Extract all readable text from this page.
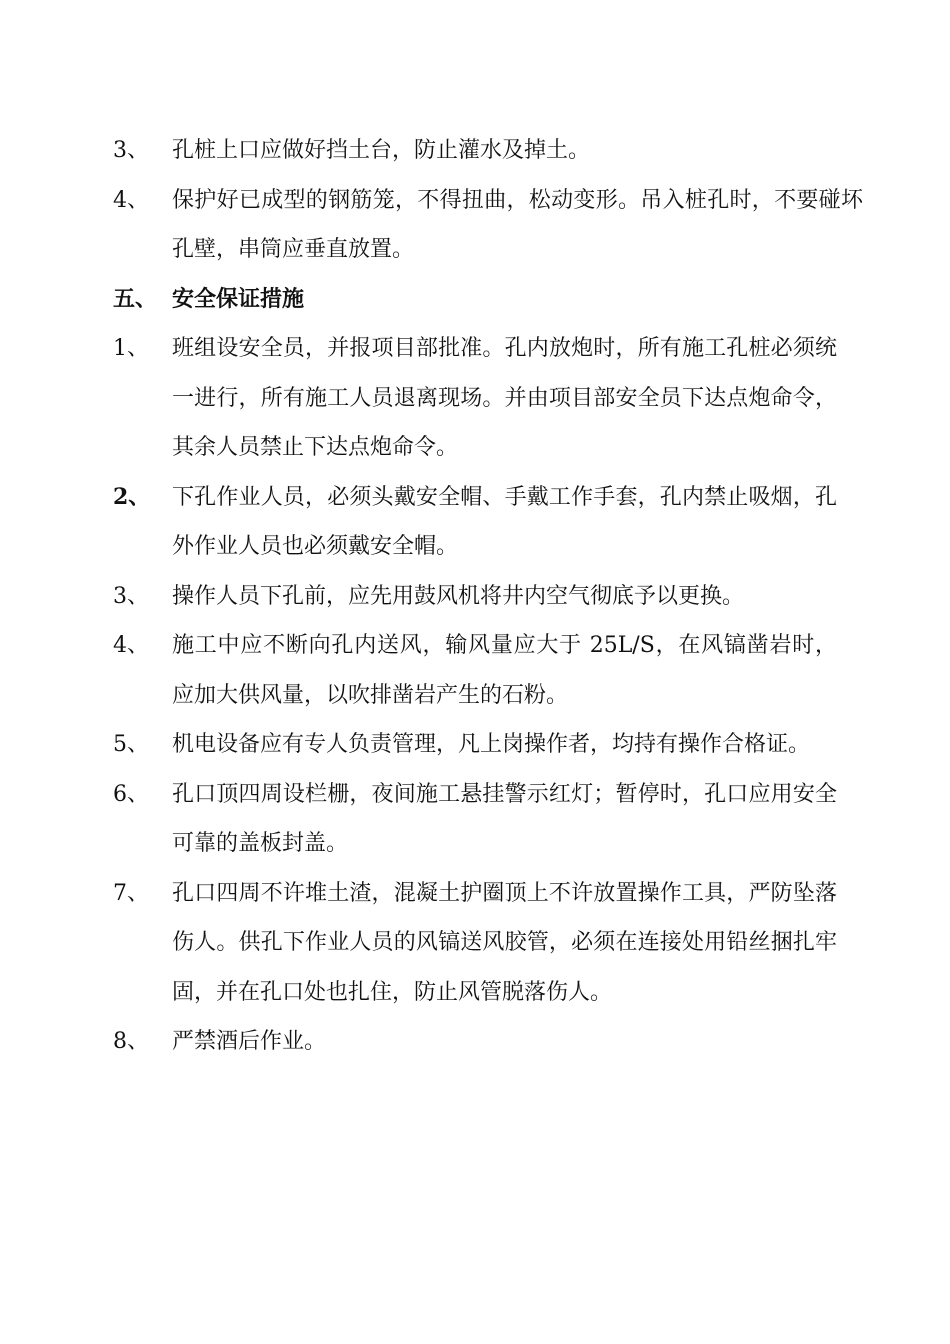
3、	孔桩上口应做好挡土台，防止灌水及掉土。
4、	保护好已成型的钢筋笼，不得扭曲，松动变形。吊入桩孔时，不要碰坏孔壁，串筒应垂直放置。
五、 安全保证措施
1、	班组设安全员，并报项目部批准。孔内放炮时，所有施工孔桩必须统一进行，所有施工人员退离现场。并由项目部安全员下达点炮命令，其余人员禁止下达点炮命令。
2、 下孔作业人员，必须头戴安全帽、手戴工作手套，孔内禁止吸烟，孔外作业人员也必须戴安全帽。
3、	操作人员下孔前，应先用鼓风机将井内空气彻底予以更换。
4、	施工中应不断向孔内送风，输风量应大于 25L/S，在风镐凿岩时，应加大供风量，以吹排凿岩产生的石粉。
5、	机电设备应有专人负责管理，凡上岗操作者，均持有操作合格证。
6、	孔口顶四周设栏栅，夜间施工悬挂警示红灯；暂停时，孔口应用安全可靠的盖板封盖。
7、	孔口四周不许堆土渣，混凝土护圈顶上不许放置操作工具，严防坠落伤人。供孔下作业人员的风镐送风胶管，必须在连接处用铅丝捆扎牢固，并在孔口处也扎住，防止风管脱落伤人。
8、	严禁酒后作业。
